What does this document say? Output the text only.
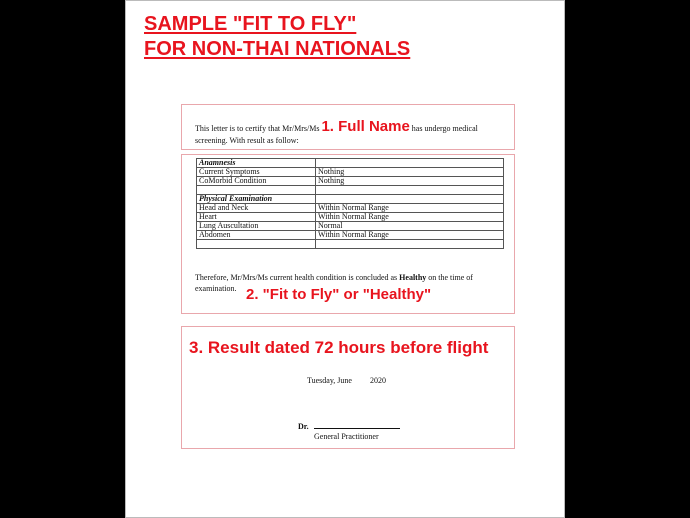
SAMPLE "FIT TO FLY"
FOR NON-THAI NATIONALS
This letter is to certify that Mr/Mrs/Ms 1. Full Name has undergo medical
screening. With result as follow:
Anamnesis	
Current Symptoms	Nothing
CoMorbid Condition	Nothing

Physical Examination	
Head and Neck	Within Normal Range
Heart	Within Normal Range
Lung Auscultation	Normal
Abdomen	Within Normal Range

Therefore, Mr/Mrs/Ms current health condition is concluded as Healthy on the time of
examination. 2. "Fit to Fly" or "Healthy"
3. Result dated 72 hours before flight
Tuesday, June 2020
Dr.
General Practitioner
